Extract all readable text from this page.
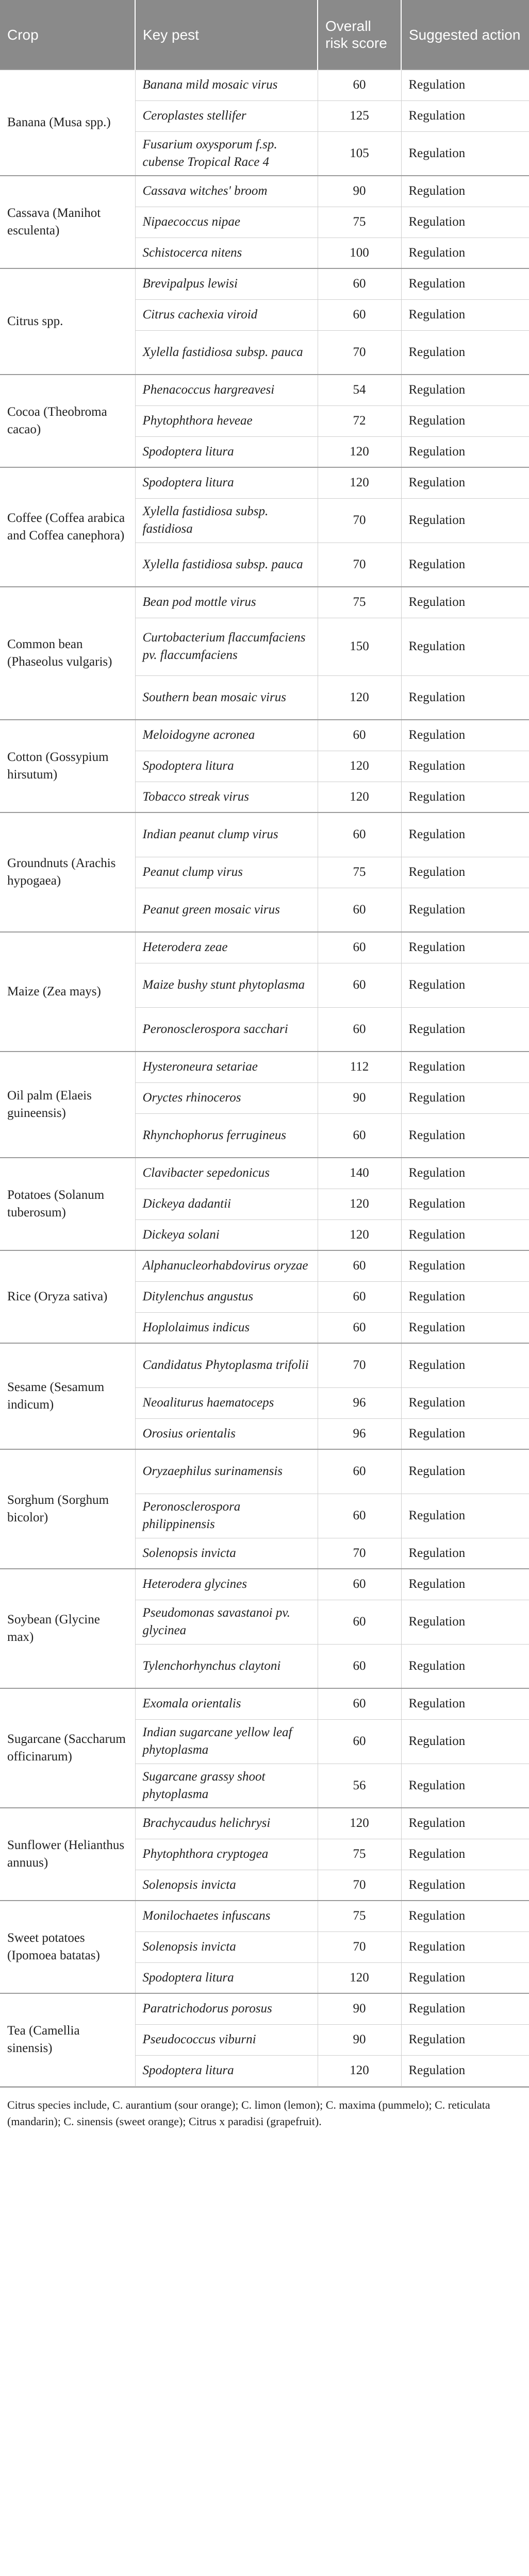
Crop	Key pest	Overall risk score	Suggested action
Banana (Musa spp.)	Banana mild mosaic virus	60	Regulation
	Ceroplastes stellifer	125	Regulation
	Fusarium oxysporum f.sp. cubense Tropical Race 4	105	Regulation
Cassava (Manihot esculenta)	Cassava witches' broom	90	Regulation
	Nipaecoccus nipae	75	Regulation
	Schistocerca nitens	100	Regulation
Citrus spp.	Brevipalpus lewisi	60	Regulation
	Citrus cachexia viroid	60	Regulation
	Xylella fastidiosa subsp. pauca	70	Regulation
Cocoa (Theobroma cacao)	Phenacoccus hargreavesi	54	Regulation
	Phytophthora heveae	72	Regulation
	Spodoptera litura	120	Regulation
Coffee (Coffea arabica and Coffea canephora)	Spodoptera litura	120	Regulation
	Xylella fastidiosa subsp. fastidiosa	70	Regulation
	Xylella fastidiosa subsp. pauca	70	Regulation
Common bean (Phaseolus vulgaris)	Bean pod mottle virus	75	Regulation
	Curtobacterium flaccumfaciens pv. flaccumfaciens	150	Regulation
	Southern bean mosaic virus	120	Regulation
Cotton (Gossypium hirsutum)	Meloidogyne acronea	60	Regulation
	Spodoptera litura	120	Regulation
	Tobacco streak virus	120	Regulation
Groundnuts (Arachis hypogaea)	Indian peanut clump virus	60	Regulation
	Peanut clump virus	75	Regulation
	Peanut green mosaic virus	60	Regulation
Maize (Zea mays)	Heterodera zeae	60	Regulation
	Maize bushy stunt phytoplasma	60	Regulation
	Peronosclerospora sacchari	60	Regulation
Oil palm (Elaeis guineensis)	Hysteroneura setariae	112	Regulation
	Oryctes rhinoceros	90	Regulation
	Rhynchophorus ferrugineus	60	Regulation
Potatoes (Solanum tuberosum)	Clavibacter sepedonicus	140	Regulation
	Dickeya dadantii	120	Regulation
	Dickeya solani	120	Regulation
Rice (Oryza sativa)	Alphanucleorhabdovirus oryzae	60	Regulation
	Ditylenchus angustus	60	Regulation
	Hoplolaimus indicus	60	Regulation
Sesame (Sesamum indicum)	Candidatus Phytoplasma trifolii	70	Regulation
	Neoaliturus haematoceps	96	Regulation
	Orosius orientalis	96	Regulation
Sorghum (Sorghum bicolor)	Oryzaephilus surinamensis	60	Regulation
	Peronosclerospora philippinensis	60	Regulation
	Solenopsis invicta	70	Regulation
Soybean (Glycine max)	Heterodera glycines	60	Regulation
	Pseudomonas savastanoi pv. glycinea	60	Regulation
	Tylenchorhynchus claytoni	60	Regulation
Sugarcane (Saccharum officinarum)	Exomala orientalis	60	Regulation
	Indian sugarcane yellow leaf phytoplasma	60	Regulation
	Sugarcane grassy shoot phytoplasma	56	Regulation
Sunflower (Helianthus annuus)	Brachycaudus helichrysi	120	Regulation
	Phytophthora cryptogea	75	Regulation
	Solenopsis invicta	70	Regulation
Sweet potatoes (Ipomoea batatas)	Monilochaetes infuscans	75	Regulation
	Solenopsis invicta	70	Regulation
	Spodoptera litura	120	Regulation
Tea (Camellia sinensis)	Paratrichodorus porosus	90	Regulation
	Pseudococcus viburni	90	Regulation
	Spodoptera litura	120	Regulation
Citrus species include, C. aurantium (sour orange); C. limon (lemon); C. maxima (pummelo); C. reticulata (mandarin); C. sinensis (sweet orange); Citrus x paradisi (grapefruit).
